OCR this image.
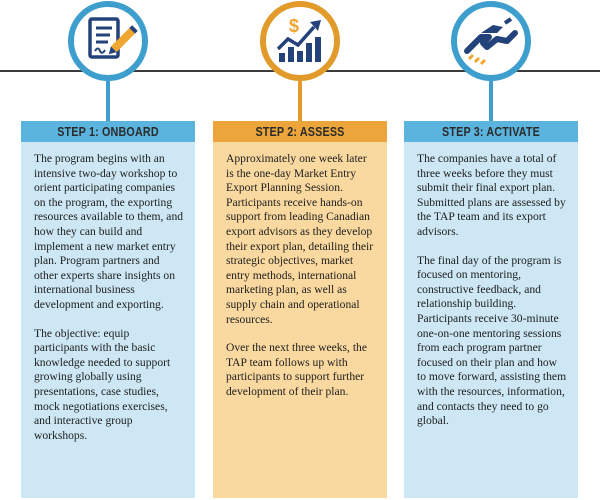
STEP 1: ONBOARD

The program begins with an intensive two-day workshop to orient participating companies on the program, the exporting resources available to them, and how they can build and implement a new market entry plan. Program partners and other experts share insights on international business development and exporting.

The objective: equip participants with the basic knowledge needed to support growing globally using presentations, case studies, mock negotiations exercises, and interactive group workshops.

$
STEP 2: ASSESS

Approximately one week later is the one-day Market Entry Export Planning Session. Participants receive hands-on support from leading Canadian export advisors as they develop their export plan, detailing their strategic objectives, market entry methods, international marketing plan, as well as supply chain and operational resources.

Over the next three weeks, the TAP team follows up with participants to support further development of their plan.

STEP 3: ACTIVATE

The companies have a total of three weeks before they must submit their final export plan. Submitted plans are assessed by the TAP team and its export advisors.

The final day of the program is focused on mentoring, constructive feedback, and relationship building. Participants receive 30-minute one-on-one mentoring sessions from each program partner focused on their plan and how to move forward, assisting them with the resources, information, and contacts they need to go global.
